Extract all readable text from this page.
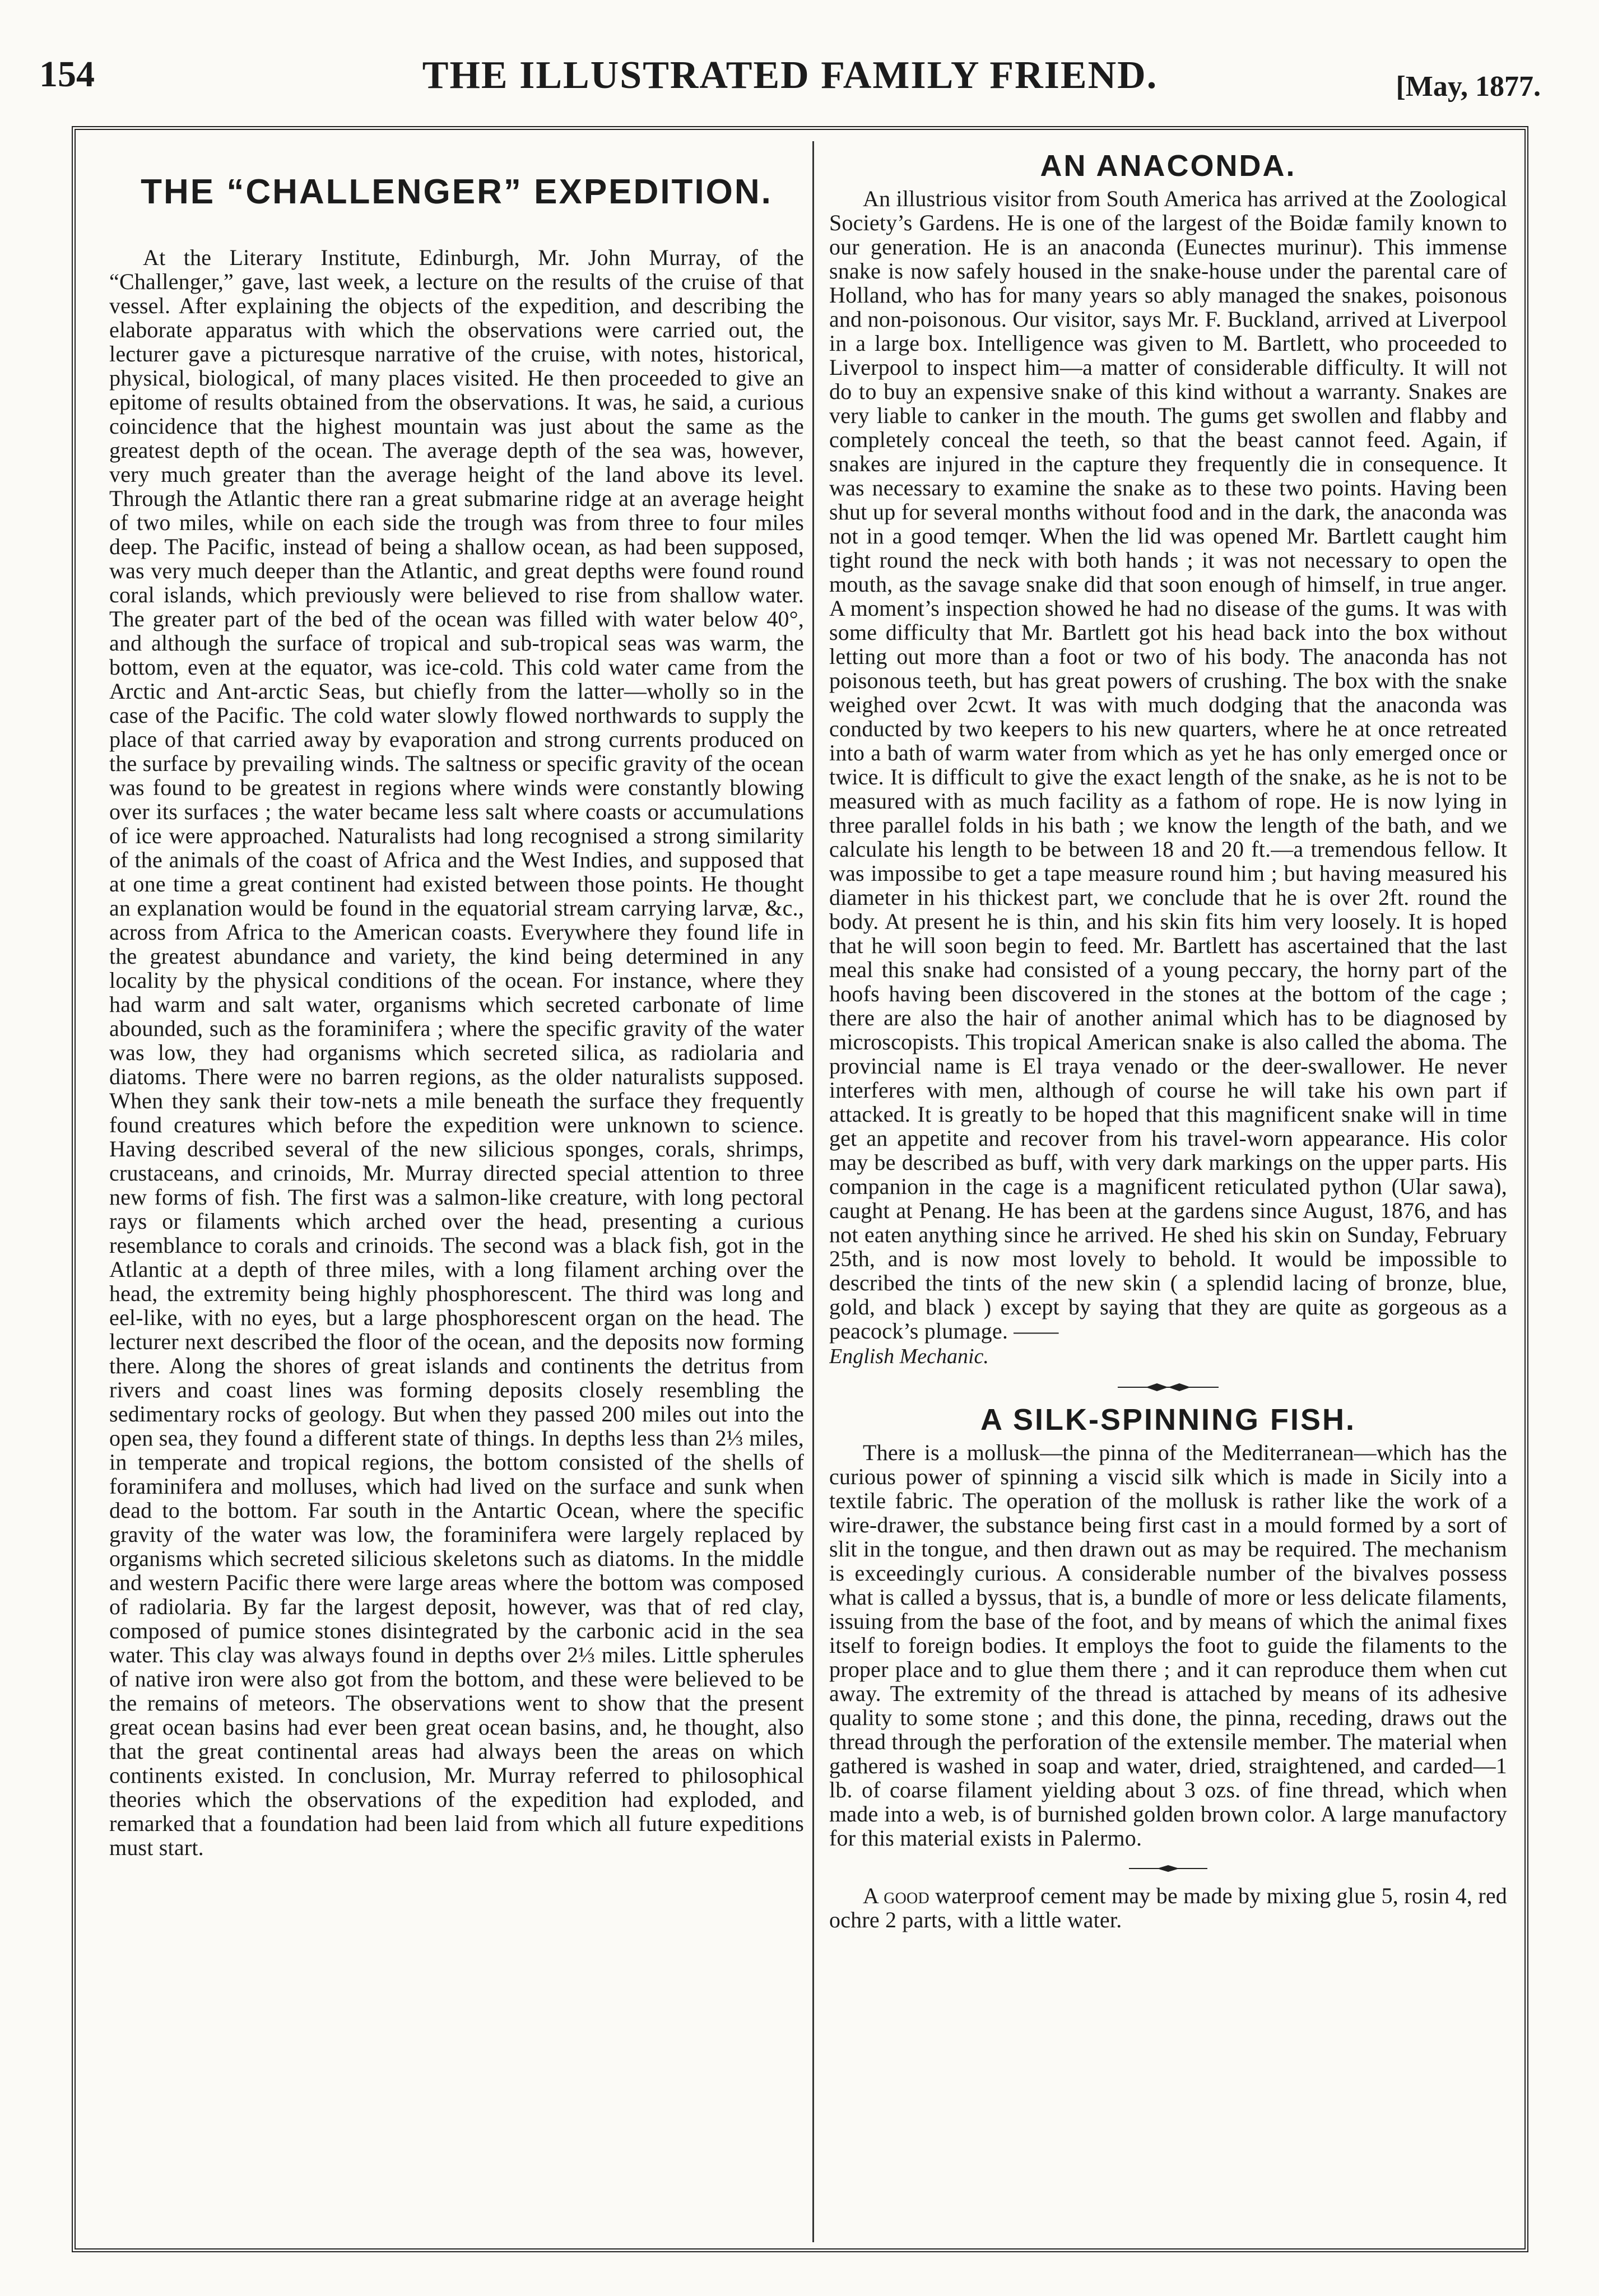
154	THE ILLUSTRATED FAMILY FRIEND.	[May, 1877.
THE “CHALLENGER” EXPEDITION.

At the Literary Institute, Edinburgh, Mr. John Murray, of the “Challenger,” gave, last week, a lecture on the results of the cruise of that vessel. After explaining the objects of the expedition, and describing the elaborate apparatus with which the observations were carried out, the lecturer gave a picturesque narrative of the cruise, with notes, historical, physical, biological, of many places visited. He then proceeded to give an epitome of results obtained from the observations. It was, he said, a curious coincidence that the highest mountain was just about the same as the greatest depth of the ocean. The average depth of the sea was, however, very much greater than the average height of the land above its level. Through the Atlantic there ran a great submarine ridge at an average height of two miles, while on each side the trough was from three to four miles deep. The Pacific, instead of being a shallow ocean, as had been supposed, was very much deeper than the Atlantic, and great depths were found round coral islands, which previously were believed to rise from shallow water. The greater part of the bed of the ocean was filled with water below 40°, and although the surface of tropical and sub-tropical seas was warm, the bottom, even at the equator, was ice-cold. This cold water came from the Arctic and Ant-arctic Seas, but chiefly from the latter—wholly so in the case of the Pacific. The cold water slowly flowed northwards to supply the place of that carried away by evaporation and strong currents produced on the surface by prevailing winds. The saltness or specific gravity of the ocean was found to be greatest in regions where winds were constantly blowing over its surfaces ; the water became less salt where coasts or accumulations of ice were approached. Naturalists had long recognised a strong similarity of the animals of the coast of Africa and the West Indies, and supposed that at one time a great continent had existed between those points. He thought an explanation would be found in the equatorial stream carrying larvæ, &c., across from Africa to the American coasts. Everywhere they found life in the greatest abundance and variety, the kind being determined in any locality by the physical conditions of the ocean. For instance, where they had warm and salt water, organisms which secreted carbonate of lime abounded, such as the foraminifera ; where the specific gravity of the water was low, they had organisms which secreted silica, as radiolaria and diatoms. There were no barren regions, as the older naturalists supposed. When they sank their tow-nets a mile beneath the surface they frequently found creatures which before the expedition were unknown to science. Having described several of the new silicious sponges, corals, shrimps, crustaceans, and crinoids, Mr. Murray directed special attention to three new forms of fish. The first was a salmon-like creature, with long pectoral rays or filaments which arched over the head, presenting a curious resemblance to corals and crinoids. The second was a black fish, got in the Atlantic at a depth of three miles, with a long filament arching over the head, the extremity being highly phosphorescent. The third was long and eel-like, with no eyes, but a large phosphorescent organ on the head. The lecturer next described the floor of the ocean, and the deposits now forming there. Along the shores of great islands and continents the detritus from rivers and coast lines was forming deposits closely resembling the sedimentary rocks of geology. But when they passed 200 miles out into the open sea, they found a different state of things. In depths less than 2⅓ miles, in temperate and tropical regions, the bottom consisted of the shells of foraminifera and molluses, which had lived on the surface and sunk when dead to the bottom. Far south in the Antartic Ocean, where the specific gravity of the water was low, the foraminifera were largely replaced by organisms which secreted silicious skeletons such as diatoms. In the middle and western Pacific there were large areas where the bottom was composed of radiolaria. By far the largest deposit, however, was that of red clay, composed of pumice stones disintegrated by the carbonic acid in the sea water. This clay was always found in depths over 2⅓ miles. Little spherules of native iron were also got from the bottom, and these were believed to be the remains of meteors. The observations went to show that the present great ocean basins had ever been great ocean basins, and, he thought, also that the great continental areas had always been the areas on which continents existed. In conclusion, Mr. Murray referred to philosophical theories which the observations of the expedition had exploded, and remarked that a foundation had been laid from which all future expeditions must start.

AN ANACONDA.

An illustrious visitor from South America has arrived at the Zoological Society’s Gardens. He is one of the largest of the Boidæ family known to our generation. He is an anaconda (Eunectes murinur). This immense snake is now safely housed in the snake-house under the parental care of Holland, who has for many years so ably managed the snakes, poisonous and non-poisonous. Our visitor, says Mr. F. Buckland, arrived at Liverpool in a large box. Intelligence was given to M. Bartlett, who proceeded to Liverpool to inspect him—a matter of considerable difficulty. It will not do to buy an expensive snake of this kind without a warranty. Snakes are very liable to canker in the mouth. The gums get swollen and flabby and completely conceal the teeth, so that the beast cannot feed. Again, if snakes are injured in the capture they frequently die in consequence. It was necessary to examine the snake as to these two points. Having been shut up for several months without food and in the dark, the anaconda was not in a good temqer. When the lid was opened Mr. Bartlett caught him tight round the neck with both hands ; it was not necessary to open the mouth, as the savage snake did that soon enough of himself, in true anger. A moment’s inspection showed he had no disease of the gums. It was with some difficulty that Mr. Bartlett got his head back into the box without letting out more than a foot or two of his body. The anaconda has not poisonous teeth, but has great powers of crushing. The box with the snake weighed over 2cwt. It was with much dodging that the anaconda was conducted by two keepers to his new quarters, where he at once retreated into a bath of warm water from which as yet he has only emerged once or twice. It is difficult to give the exact length of the snake, as he is not to be measured with as much facility as a fathom of rope. He is now lying in three parallel folds in his bath ; we know the length of the bath, and we calculate his length to be between 18 and 20 ft.—a tremendous fellow. It was impossibe to get a tape measure round him ; but having measured his diameter in his thickest part, we conclude that he is over 2ft. round the body. At present he is thin, and his skin fits him very loosely. It is hoped that he will soon begin to feed. Mr. Bartlett has ascertained that the last meal this snake had consisted of a young peccary, the horny part of the hoofs having been discovered in the stones at the bottom of the cage ; there are also the hair of another animal which has to be diagnosed by microscopists. This tropical American snake is also called the aboma. The provincial name is El traya venado or the deer-swallower. He never interferes with men, although of course he will take his own part if attacked. It is greatly to be hoped that this magnificent snake will in time get an appetite and recover from his travel-worn appearance. His color may be described as buff, with very dark markings on the upper parts. His companion in the cage is a magnificent reticulated python (Ular sawa), caught at Penang. He has been at the gardens since August, 1876, and has not eaten anything since he arrived. He shed his skin on Sunday, February 25th, and is now most lovely to behold. It would be impossible to described the tints of the new skin ( a splendid lacing of bronze, blue, gold, and black ) except by saying that they are quite as gorgeous as a peacock’s plumage. ——

English Mechanic.
A SILK-SPINNING FISH.

There is a mollusk—the pinna of the Mediterranean—which has the curious power of spinning a viscid silk which is made in Sicily into a textile fabric. The operation of the mollusk is rather like the work of a wire-drawer, the substance being first cast in a mould formed by a sort of slit in the tongue, and then drawn out as may be required. The mechanism is exceedingly curious. A considerable number of the bivalves possess what is called a byssus, that is, a bundle of more or less delicate filaments, issuing from the base of the foot, and by means of which the animal fixes itself to foreign bodies. It employs the foot to guide the filaments to the proper place and to glue them there ; and it can reproduce them when cut away. The extremity of the thread is attached by means of its adhesive quality to some stone ; and this done, the pinna, receding, draws out the thread through the perforation of the extensile member. The material when gathered is washed in soap and water, dried, straightened, and carded—1 lb. of coarse filament yielding about 3 ozs. of fine thread, which when made into a web, is of burnished golden brown color. A large manufactory for this material exists in Palermo.

A good waterproof cement may be made by mixing glue 5, rosin 4, red ochre 2 parts, with a little water.
